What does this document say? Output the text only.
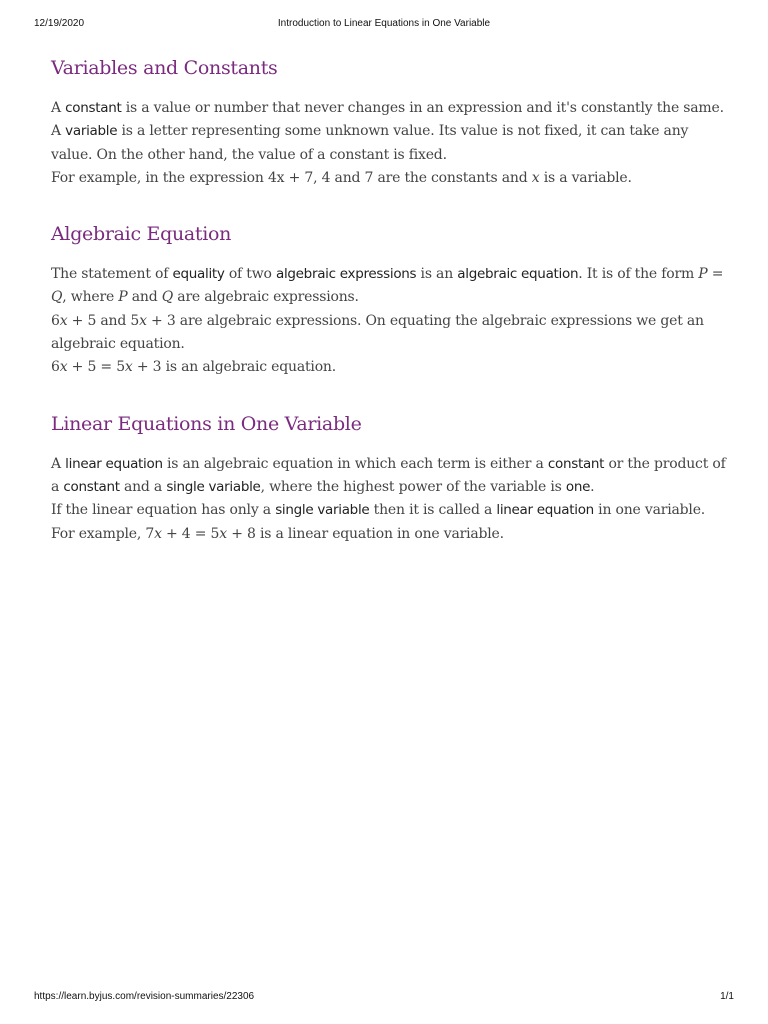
12/19/2020	Introduction to Linear Equations in One Variable
Variables and Constants

A constant is a value or number that never changes in an expression and it's constantly the same.
A variable is a letter representing some unknown value. Its value is not fixed, it can take any value. On the other hand, the value of a constant is fixed.
For example, in the expression 4x + 7, 4 and 7 are the constants and x is a variable.

Algebraic Equation

The statement of equality of two algebraic expressions is an algebraic equation. It is of the form P = Q, where P and Q are algebraic expressions.
6x + 5 and 5x + 3 are algebraic expressions. On equating the algebraic expressions we get an algebraic equation.
6x + 5 = 5x + 3 is an algebraic equation.

Linear Equations in One Variable

A linear equation is an algebraic equation in which each term is either a constant or the product of a constant and a single variable, where the highest power of the variable is one.
If the linear equation has only a single variable then it is called a linear equation in one variable.
For example, 7x + 4 = 5x + 8 is a linear equation in one variable.

https://learn.byjus.com/revision-summaries/22306	1/1
